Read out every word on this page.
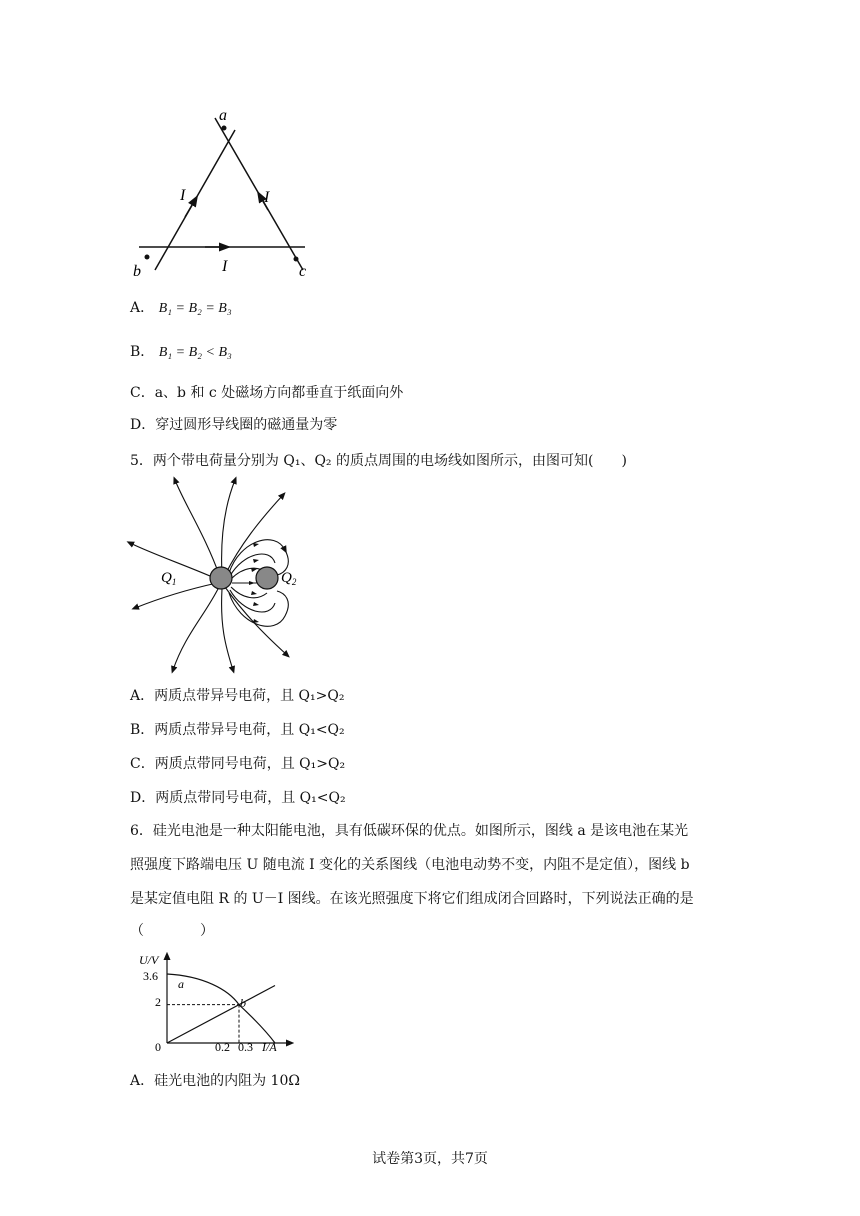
a
b	c
I	I
I
A． B₁ = B₂ = B₃
B． B₁ = B₂ < B₃
C．a、b 和 c 处磁场方向都垂直于纸面向外
D．穿过圆形导线圈的磁通量为零
5．两个带电荷量分别为 Q₁、Q₂ 的质点周围的电场线如图所示，由图可知(　　)
$Q_1$	$Q_2$
A．两质点带异号电荷，且 Q₁>Q₂
B．两质点带异号电荷，且 Q₁<Q₂
C．两质点带同号电荷，且 Q₁>Q₂
D．两质点带同号电荷，且 Q₁<Q₂
6．硅光电池是一种太阳能电池，具有低碳环保的优点。如图所示，图线 a 是该电池在某光
照强度下路端电压 U 随电流 I 变化的关系图线（电池电动势不变，内阻不是定值），图线 b
是某定值电阻 R 的 U－I 图线。在该光照强度下将它们组成闭合回路时，下列说法正确的是
（　　　　）
U/V
I/A
0
3.6
2
0.2 0.3
a
b
A．硅光电池的内阻为 10Ω
试卷第3页，共7页
